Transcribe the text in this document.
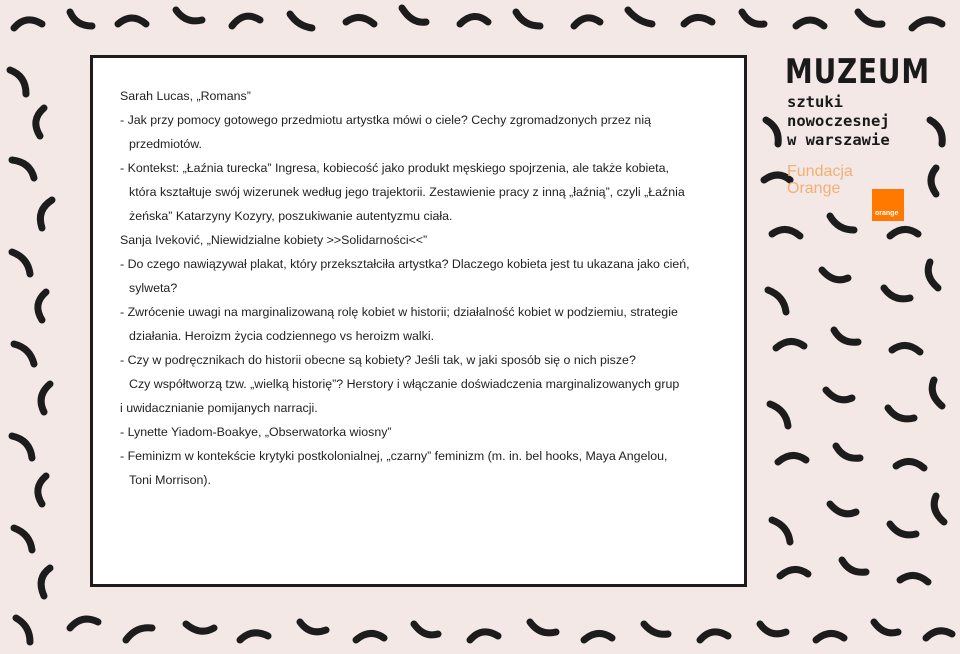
Sarah Lucas, „Romans”
- Jak przy pomocy gotowego przedmiotu artystka mówi o ciele? Cechy zgromadzonych przez nią
przedmiotów.
- Kontekst: „Łaźnia turecka” Ingresa, kobiecość jako produkt męskiego spojrzenia, ale także kobieta,
która kształtuje swój wizerunek według jego trajektorii. Zestawienie pracy z inną „łaźnią”, czyli „Łaźnia
żeńska” Katarzyny Kozyry, poszukiwanie autentyzmu ciała.
Sanja Iveković, „Niewidzialne kobiety >>Solidarności<<”
- Do czego nawiązywał plakat, który przekształciła artystka? Dlaczego kobieta jest tu ukazana jako cień,
sylweta?
- Zwrócenie uwagi na marginalizowaną rolę kobiet w historii; działalność kobiet w podziemiu, strategie
działania. Heroizm życia codziennego vs heroizm walki.
- Czy w podręcznikach do historii obecne są kobiety? Jeśli tak, w jaki sposób się o nich pisze?
Czy współtworzą tzw. „wielką historię”? Herstory i włączanie doświadczenia marginalizowanych grup
i uwidacznianie pomijanych narracji.
- Lynette Yiadom-Boakye, „Obserwatorka wiosny”
- Feminizm w kontekście krytyki postkolonialnej, „czarny” feminizm (m. in. bel hooks, Maya Angelou,
Toni Morrison).
MUZEUM
sztuki
nowoczesnej
w warszawie
Fundacja
Orange
orange
